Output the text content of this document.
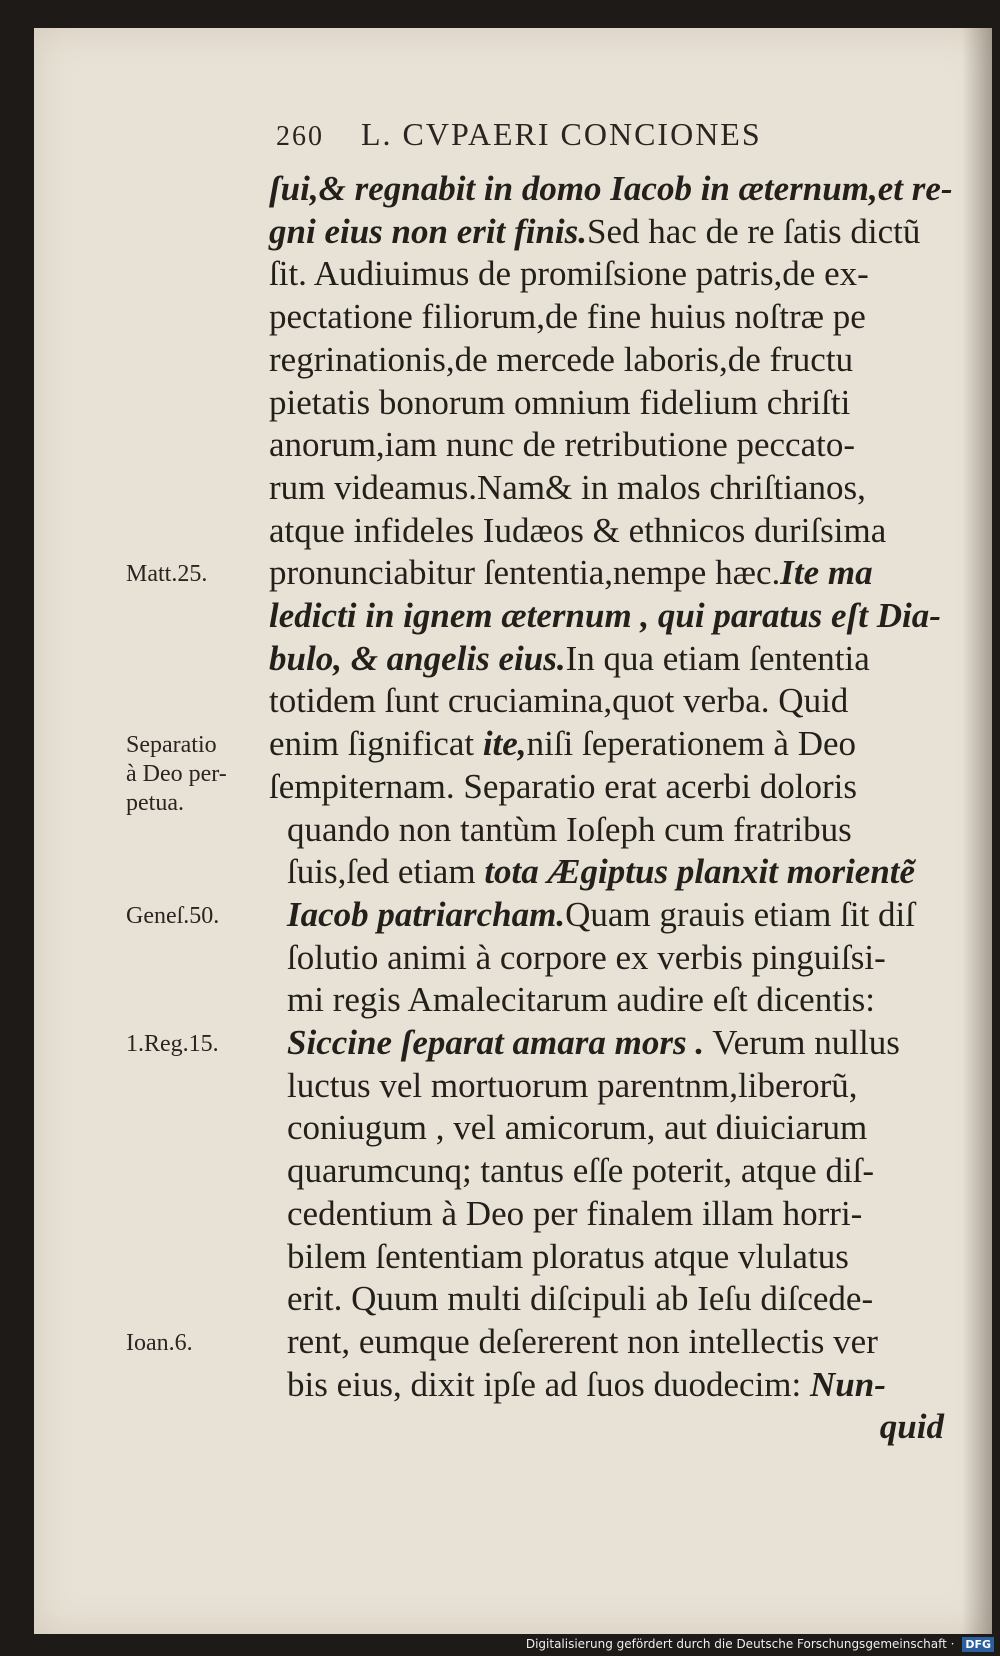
260 L. CVPAERI CONCIONES
ſui,& regnabit in domo Iacob in æternum,et re-
gni eius non erit finis.Sed hac de re ſatis dictũ
ſit. Audiuimus de promiſsione patris,de ex-
pectatione filiorum,de fine huius noſtræ pe
regrinationis,de mercede laboris,de fructu
pietatis bonorum omnium fidelium chriſti
anorum,iam nunc de retributione peccato-
rum videamus.Nam& in malos chriſtianos,
atque infideles Iudæos & ethnicos duriſsima
pronunciabitur ſententia,nempe hæc.Ite ma
ledicti in ignem æternum , qui paratus eſt Dia-
bulo, & angelis eius.In qua etiam ſententia
totidem ſunt cruciamina,quot verba. Quid
enim ſignificat ite,niſi ſeperationem à Deo
ſempiternam. Separatio erat acerbi doloris
quando non tantùm Ioſeph cum fratribus
ſuis,ſed etiam tota Ægiptus planxit morientẽ
Iacob patriarcham.Quam grauis etiam ſit diſ
ſolutio animi à corpore ex verbis pinguiſsi-
mi regis Amalecitarum audire eſt dicentis:
Siccine ſeparat amara mors . Verum nullus
luctus vel mortuorum parentnm,liberorũ,
coniugum , vel amicorum, aut diuiciarum
quarumcunq; tantus eſſe poterit, atque diſ-
cedentium à Deo per finalem illam horri-
bilem ſententiam ploratus atque vlulatus
erit. Quum multi diſcipuli ab Ieſu diſcede-
rent, eumque deſererent non intellectis ver
bis eius, dixit ipſe ad ſuos duodecim: Nun-
quid
Matt.25.
Separatio
à Deo per-
petua.
Geneſ.50.
1.Reg.15.
Ioan.6.
Digitalisierung gefördert durch die Deutsche Forschungsgemeinschaft · DFG
